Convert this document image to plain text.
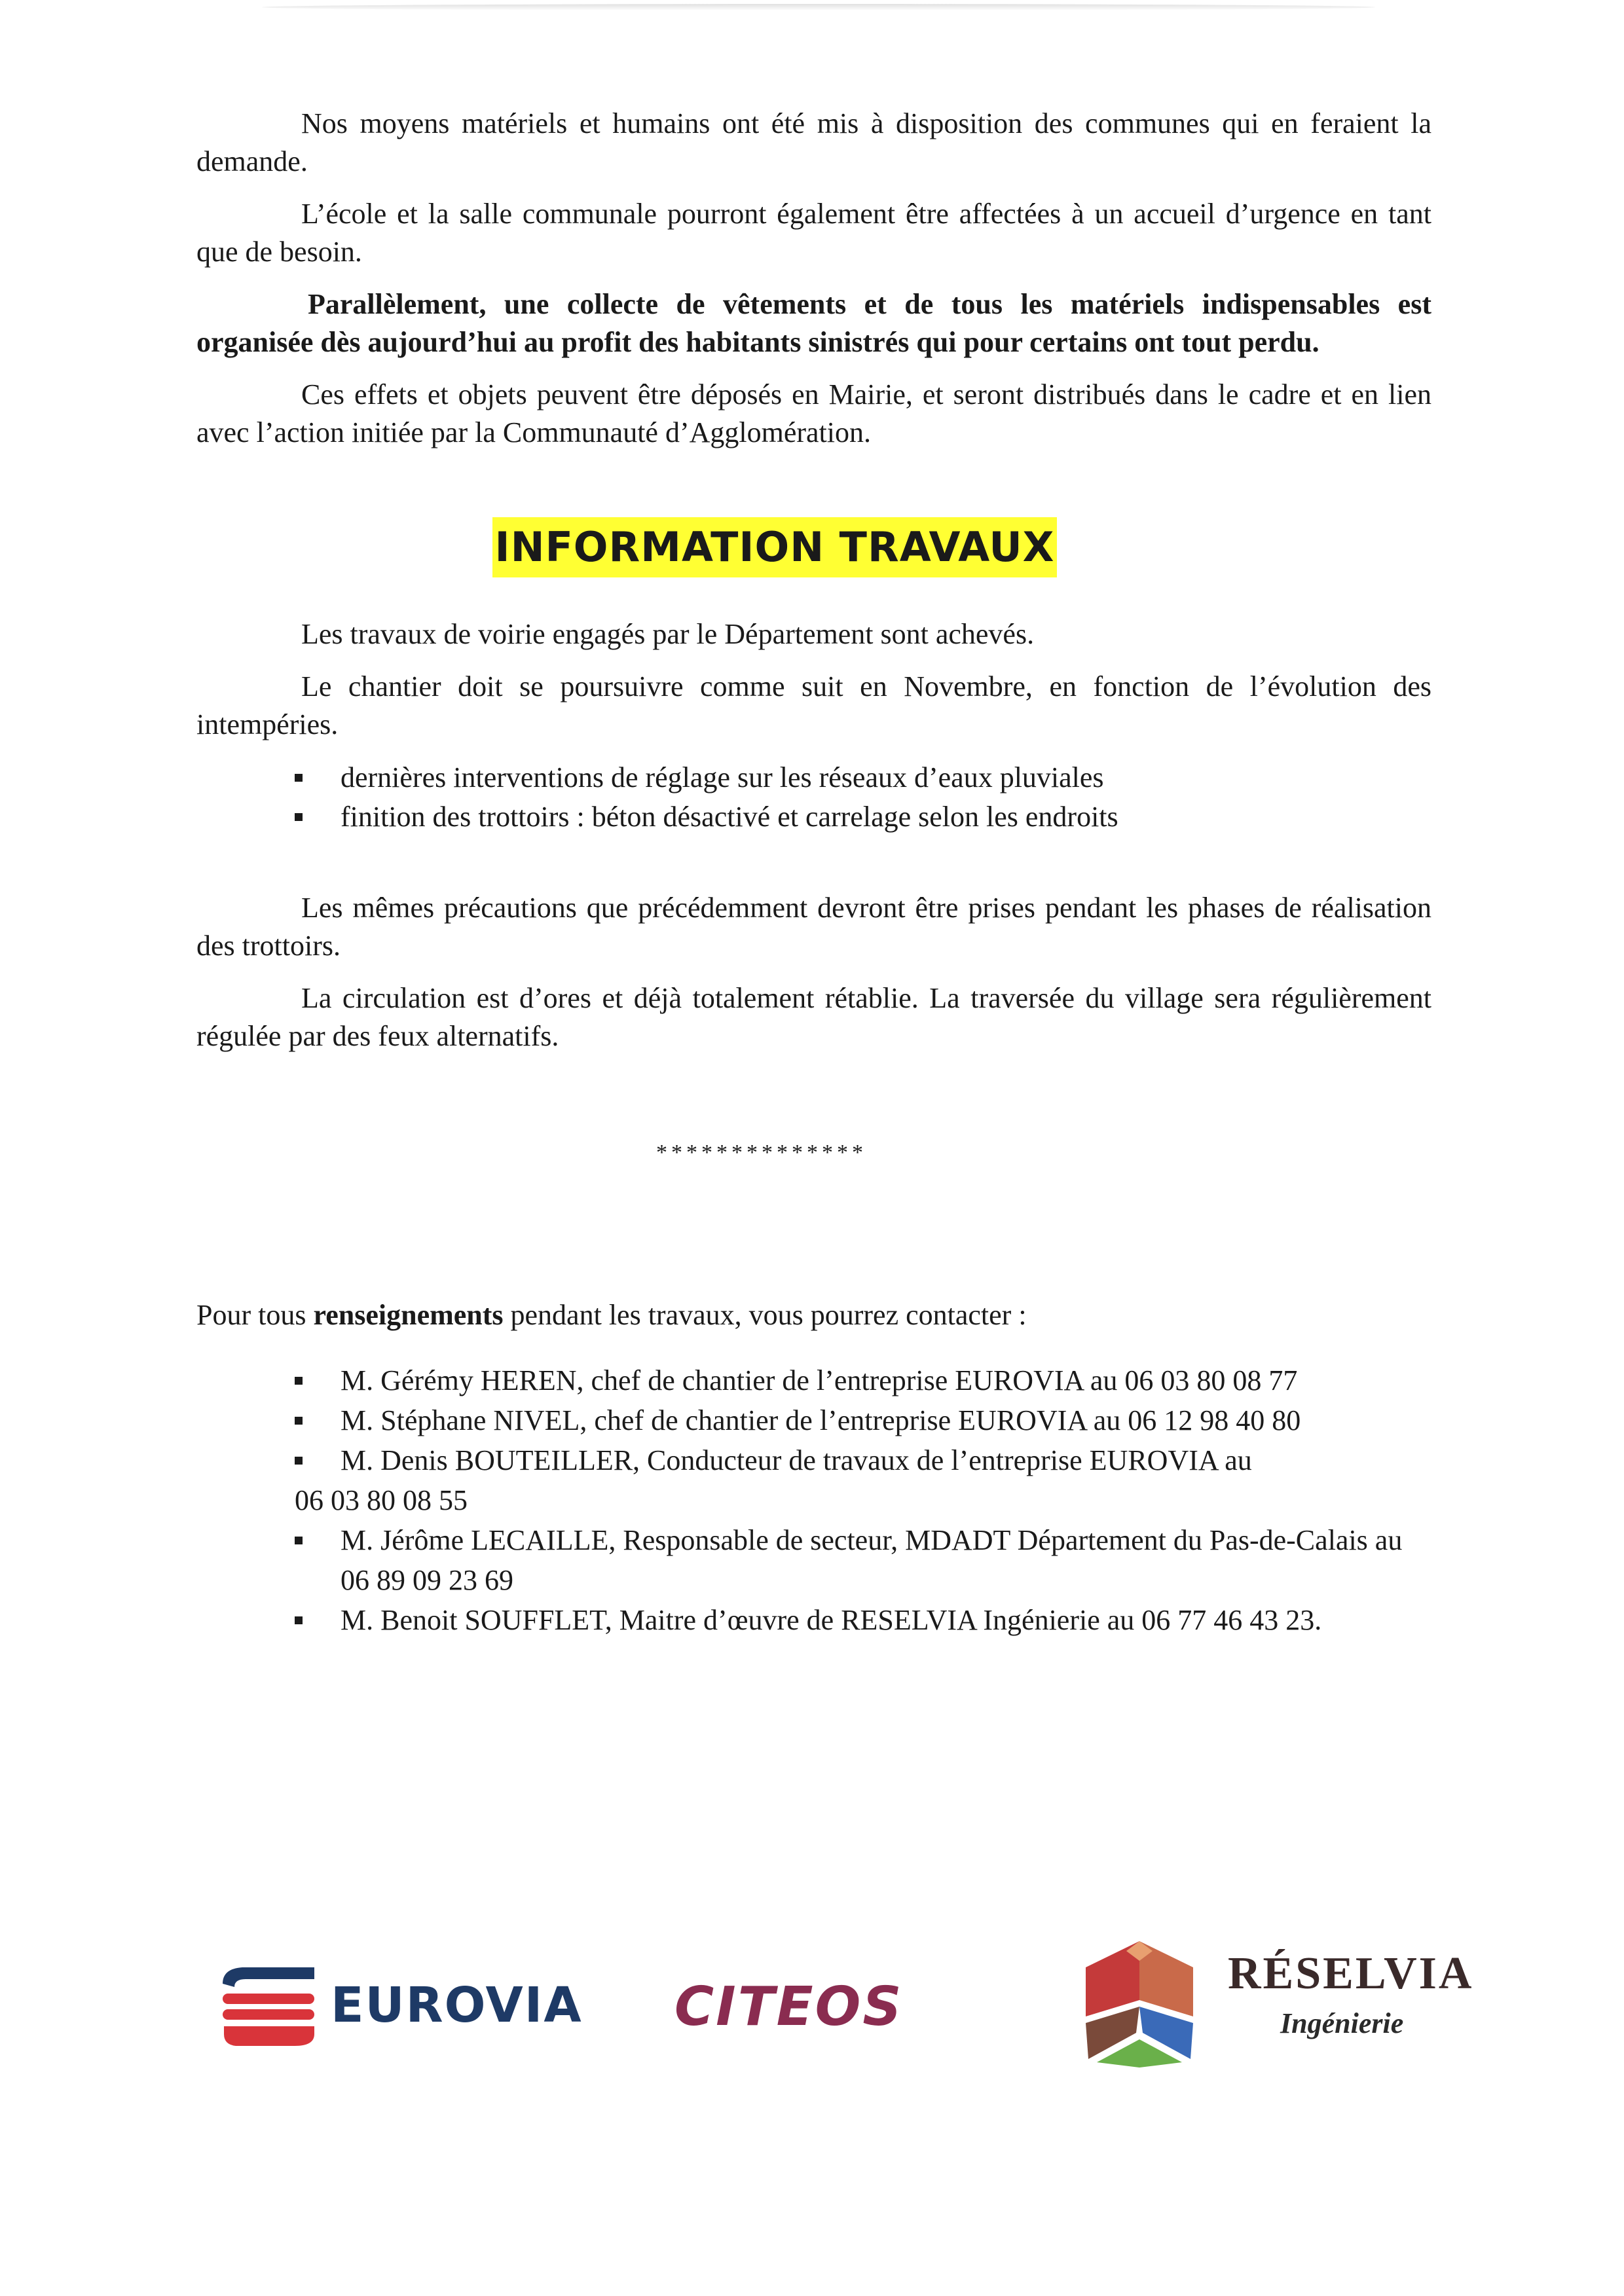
Nos moyens matériels et humains ont été mis à disposition des communes qui en feraient la demande.

L’école et la salle communale pourront également être affectées à un accueil d’urgence en tant que de besoin.

Parallèlement, une collecte de vêtements et de tous les matériels indispensables est organisée dès aujourd’hui au profit des habitants sinistrés qui pour certains ont tout perdu.

Ces effets et objets peuvent être déposés en Mairie, et seront distribués dans le cadre et en lien avec l’action initiée par la Communauté d’Agglomération.

INFORMATION TRAVAUX

Les travaux de voirie engagés par le Département sont achevés.

Le chantier doit se poursuivre comme suit en Novembre, en fonction de l’évolution des intempéries.

dernières interventions de réglage sur les réseaux d’eaux pluviales
finition des trottoirs : béton désactivé et carrelage selon les endroits

Les mêmes précautions que précédemment devront être prises pendant les phases de réalisation des trottoirs.

La circulation est d’ores et déjà totalement rétablie. La traversée du village sera régulièrement régulée par des feux alternatifs.

**************

Pour tous renseignements pendant les travaux, vous pourrez contacter :

M. Gérémy HEREN, chef de chantier de l’entreprise EUROVIA au 06 03 80 08 77
M. Stéphane NIVEL, chef de chantier de l’entreprise EUROVIA au 06 12 98 40 80
M. Denis BOUTEILLER, Conducteur de travaux de l’entreprise EUROVIA au
06 03 80 08 55
M. Jérôme LECAILLE, Responsable de secteur, MDADT Département du Pas-de-Calais au 06 89 09 23 69
M. Benoit SOUFFLET, Maitre d’œuvre de RESELVIA Ingénierie au 06 77 46 43 23.
EUROVIA CITEOS
RÉSELVIA
Ingénierie
